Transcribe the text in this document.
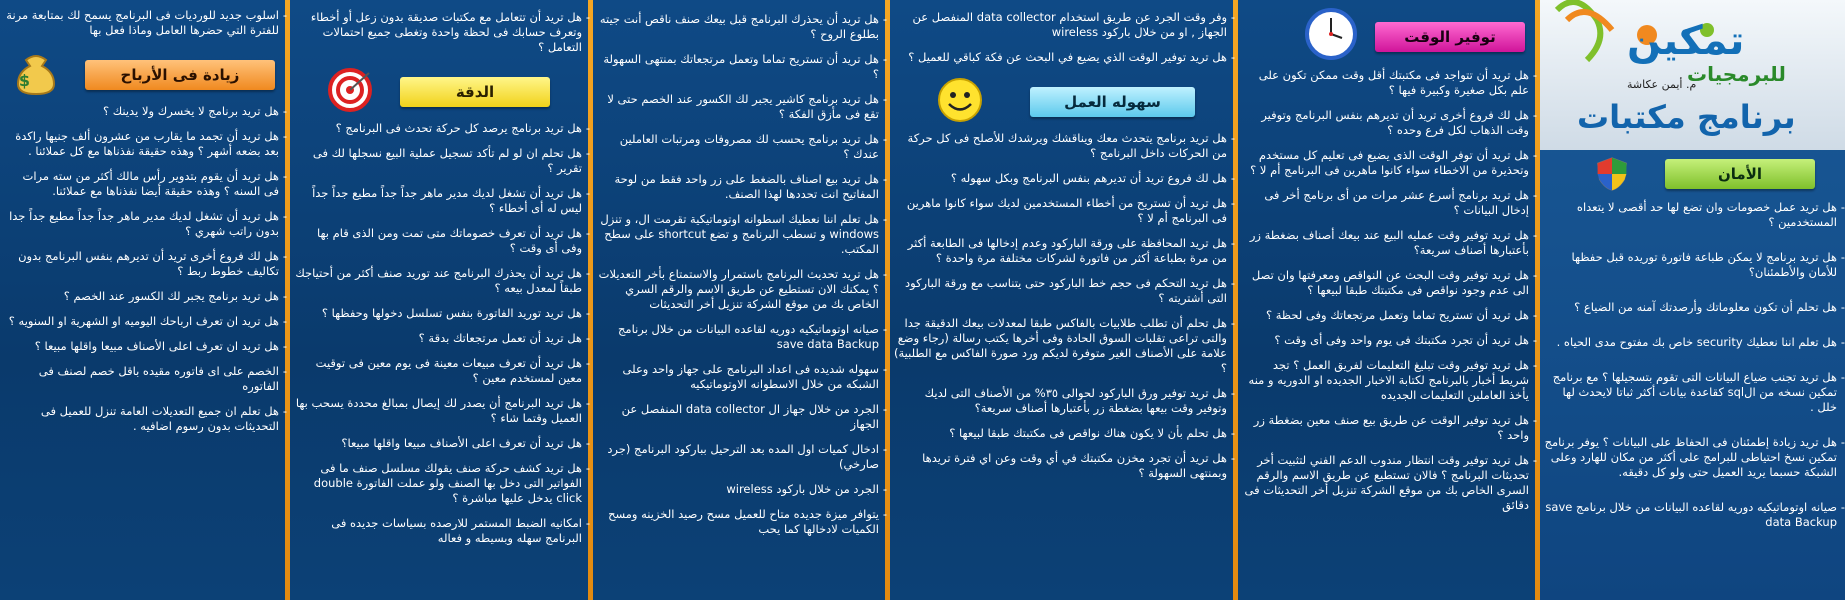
تمكين
للبرمجيات
م. أيمن عكاشة
برنامج مكتبات
الأمان
- هل تريد عمل خصومات وان تضع لها حد أقصى لا يتعداه المستخدمين ؟
- هل تريد برنامج لا يمكن طباعة فاتورة توريده قبل حفظها للأمان والأطمئنان؟
- هل تحلم أن تكون معلوماتك وأرصدتك آمنه من الضياع ؟
- هل تعلم اننا نعطيك security خاص بك مفتوح مدى الحياه .
- هل تريد تجنب ضياع البيانات التى تقوم بتسجيلها ؟ مع برنامج تمكين نسخه من الsql كقاعدة بيانات أكثر ثباتا لايحدث لها خلل .
- هل تريد زيادة إطمئنان فى الحفاظ على البيانات ؟ يوفر برنامج تمكين نسخ احتياطى للبرامج على أكثر من مكان للهارد وعلى الشبكة حسبما يريد العميل حتى ولو كل دقيقه.
- صيانه اوتوماتيكيه دوريه لقاعده البيانات من خلال برنامج save data Backup
توفير الوقت
- هل تريد أن تتواجد فى مكتبتك أقل وقت ممكن تكون على علم بكل صغيرة وكبيرة فيها ؟
- هل لك فروع أخرى تريد أن تديرهم بنفس البرنامج وتوفير وقت الذهاب لكل فرع وحده ؟
- هل تريد أن توفر الوقت الذى يضيع فى تعليم كل مستخدم وتحذيرة من الاخطاء سواء كانوا ماهرين فى البرنامج أم لا ؟
- هل تريد برنامج أسرع عشر مرات من أى برنامج أخر فى إدخال البيانات ؟
- هل تريد توفير وقت عمليه البيع عند بيعك أصناف بضغطة زر بأعتبارها أصناف سريعة؟
- هل تريد توفير وقت البحث عن النواقص ومعرفتها وان تصل الى عدم وجود نواقص فى مكتبتك طبقا لبيعها ؟
- هل تريد أن تستريح تماما وتعمل مرتجعاتك وفى لحظة ؟
- هل تريد أن تجرد مكتبتك فى يوم واحد وفى أى وقت ؟
- هل تريد توفير وقت تبليغ التعليمات لفريق العمل ؟ تجد شريط أخبار بالبرنامج لكتابة الاخبار الجديده او الدوريه و منه يأخذ العاملين التعليمات الجديده
- هل تريد توفير الوقت عن طريق بيع صنف معين بضغطة زر واحد ؟
- هل تريد توفير وقت انتظار مندوب الدعم الفني لتثبيت أخر تحديثات البرنامج ؟ فالان تستطيع عن طريق الاسم والرقم السرى الخاص بك من موقع الشركة تنزيل أخر التحديثات فى دقائق
- وفر وقت الجرد عن طريق استخدام data collector المنفصل عن الجهاز , او من خلال باركود wireless
- هل تريد توفير الوقت الذي يضيع في البحث عن فكة كباقي للعميل ؟
سهوله العمل
- هل تريد برنامج يتحدث معك ويناقشك ويرشدك للأصلح فى كل حركة من الحركات داخل البرنامج ؟
- هل لك فروع تريد أن تديرهم بنفس البرنامج وبكل سهوله ؟
- هل تريد أن تستريح من أخطاء المستخدمين لديك سواء كانوا ماهرين فى البرنامج أم لا ؟
- هل تريد المحافظة على ورقة الباركود وعدم إدخالها فى الطابعة أكثر من مرة بطباعة أكثر من فاتورة لشركات مختلفة مرة واحدة ؟
- هل تريد التحكم فى حجم خط الباركود حتى يتناسب مع ورقة الباركود التى أشتريته ؟
- هل تحلم أن تطلب طلابيات بالفاكس طبقا لمعدلات بيعك الدقيقة جدا والتى تراعى تقلبات السوق الحادة وفى أخرها يكتب رسالة (رجاء وضع علامة على الأصناف الغير متوفرة لديكم ورد صورة الفاكس مع الطلبية) ؟
- هل تريد توفير ورق الباركود لحوالى ٣٥% من الأصناف التى لديك وتوفير وقت بيعها بضغطة زر بأعتبارها أصناف سريعة؟
- هل تحلم بأن لا يكون هناك نواقص فى مكتبتك طبقا لبيعها ؟
- هل تريد أن تجرد مخزن مكتبتك في أي وقت وعن اي فترة تريدها وبمنتهى السهولة ؟
- هل تريد أن يحذرك البرنامج قبل بيعك صنف ناقص أنت جيته بطلوع الروح ؟
- هل تريد أن تستريح تماما وتعمل مرتجعاتك بمنتهى السهولة ؟
- هل تريد برنامج كاشير يجبر لك الكسور عند الخصم حتى لا تقع فى مأزق الفكة ؟
- هل تريد برنامج يحسب لك مصروفات ومرتبات العاملين عندك ؟
- هل تريد بيع اصناف بالضغط على زر واحد فقط من لوحة المفاتيح انت تحددها لهذا الصنف.
- هل تعلم اننا نعطيك اسطوانه اوتوماتيكية تقرمت ال، و تنزل windows و تسطب البرنامج و تضع shortcut على سطح المكتب.
- هل تريد تحديث البرنامج باستمرار والاستمتاع بأخر التعديلات ؟ يمكنك الان تستطيع عن طريق الاسم والرقم السري الخاص بك من موقع الشركة تنزيل أخر التحديثات
- صيانه اوتوماتيكيه دوريه لقاعده البيانات من خلال برنامج save data Backup
- سهوله شديده فى اعداد البرنامج على جهاز واحد وعلى الشبكه من خلال الاسطوانه الاوتوماتيكيه
- الجرد من خلال جهاز ال data collector المنفصل عن الجهاز
- ادخال كميات اول المده بعد الترحيل بباركود البرنامج (جرد صارخي)
- الجرد من خلال باركود wireless
- يتوافر ميزة جديده متاح للعميل مسح رصيد الخزينه ومسح الكميات لادخالها كما يحب
- هل تريد أن تتعامل مع مكتبات صديقة بدون زعل أو أخطاء وتعرف حسابك فى لحظة واحدة وتغطى جميع احتمالات التعامل ؟
الدقة
- هل تريد برنامج يرصد كل حركة تحدث فى البرنامج ؟
- هل تحلم ان لو لم تأكد تسجيل عملية البيع نسجلها لك فى تقرير ؟
- هل تريد أن تشغل لديك مدير ماهر جداً جداً مطيع جداً جداً ليس له أى أخطاء ؟
- هل تريد أن تعرف خصوماتك متى تمت ومن الذى قام بها وفى أى وقت ؟
- هل تريد أن يحذرك البرنامج عند توريد صنف أكثر من أحتياجك طبقاً لمعدل بيعه ؟
- هل تريد توريد الفاتورة بنفس تسلسل دخولها وحفظها ؟
- هل تريد أن تعمل مرتجعاتك بدقة ؟
- هل تريد أن تعرف مبيعات معينة فى يوم معين فى توقيت معين لمستخدم معين ؟
- هل تريد البرنامج أن يصدر لك إيصال بمبالغ محددة يسحب بها العميل وقتما شاء ؟
- هل تريد أن تعرف اعلى الأصناف مبيعا واقلها مبيعا؟
- هل تريد كشف حركة صنف يقولك مسلسل صنف ما فى الفواتير التى دخل بها الصنف ولو عملت الفاتورة double click يدخل عليها مباشرة ؟
- امكانيه الضبط المستمر للارصده بسياسات جديده فى البرنامج سهله وبسيطه و فعاله
- اسلوب جديد للورديات فى البرنامج يسمح لك بمتابعة مرنة للفترة التي حضرها العامل وماذا فعل بها
زيادة فى الأرباح
$
- هل تريد برنامج لا يخسرك ولا يدينك ؟
- هل تريد أن تجمد ما يقارب من عشرون ألف جنيها راكدة بعد بضعه أشهر ؟ وهذه حقيقة نفذناها مع كل عملائنا .
- هل تريد أن يقوم بتدوير رأس مالك أكثر من سته مرات فى السنه ؟ وهذه حقيقة أيضا نفذناها مع عملائنا.
- هل تريد أن تشغل لديك مدير ماهر جداً جداً مطيع جداً جدا بدون راتب شهري ؟
- هل لك فروع أخرى تريد أن تديرهم بنفس البرنامج بدون تكاليف خطوط ربط ؟
- هل تريد برنامج يجبر لك الكسور عند الخصم ؟
- هل تريد ان تعرف ارباحك اليوميه او الشهرية او السنويه ؟
- هل تريد ان تعرف اعلى الأصناف مبيعا واقلها مبيعا ؟
- الخصم على اى فاتوره مقيده باقل خصم لصنف فى الفاتوره
- هل تعلم ان جميع التعديلات العامة تنزل للعميل فى التحديثات بدون رسوم اضافيه .
